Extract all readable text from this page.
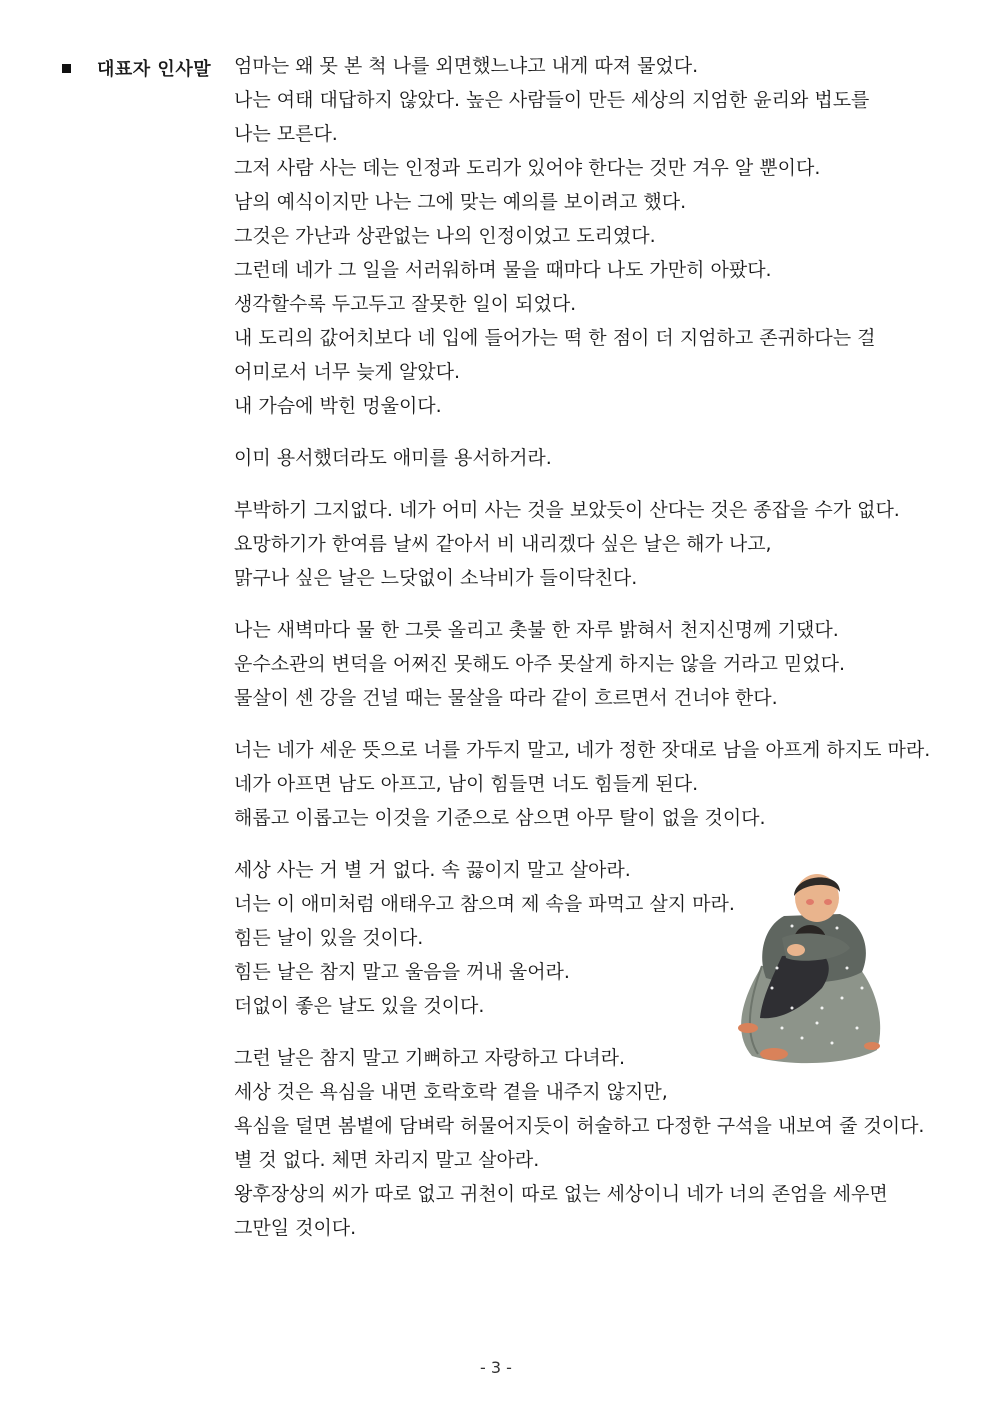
대표자 인사말 엄마는 왜 못 본 척 나를 외면했느냐고 내게 따져 물었다.
나는 여태 대답하지 않았다. 높은 사람들이 만든 세상의 지엄한 윤리와 법도를
나는 모른다.
그저 사람 사는 데는 인정과 도리가 있어야 한다는 것만 겨우 알 뿐이다.
남의 예식이지만 나는 그에 맞는 예의를 보이려고 했다.
그것은 가난과 상관없는 나의 인정이었고 도리였다.
그런데 네가 그 일을 서러워하며 물을 때마다 나도 가만히 아팠다.
생각할수록 두고두고 잘못한 일이 되었다.
내 도리의 값어치보다 네 입에 들어가는 떡 한 점이 더 지엄하고 존귀하다는 걸
어미로서 너무 늦게 알았다.
내 가슴에 박힌 멍울이다.
이미 용서했더라도 애미를 용서하거라.
부박하기 그지없다. 네가 어미 사는 것을 보았듯이 산다는 것은 종잡을 수가 없다.
요망하기가 한여름 날씨 같아서 비 내리겠다 싶은 날은 해가 나고,
맑구나 싶은 날은 느닷없이 소낙비가 들이닥친다.
나는 새벽마다 물 한 그릇 올리고 촛불 한 자루 밝혀서 천지신명께 기댔다.
운수소관의 변덕을 어쩌진 못해도 아주 못살게 하지는 않을 거라고 믿었다.
물살이 센 강을 건널 때는 물살을 따라 같이 흐르면서 건너야 한다.
너는 네가 세운 뜻으로 너를 가두지 말고, 네가 정한 잣대로 남을 아프게 하지도 마라.
네가 아프면 남도 아프고, 남이 힘들면 너도 힘들게 된다.
해롭고 이롭고는 이것을 기준으로 삼으면 아무 탈이 없을 것이다.
세상 사는 거 별 거 없다. 속 끓이지 말고 살아라.
너는 이 애미처럼 애태우고 참으며 제 속을 파먹고 살지 마라.
힘든 날이 있을 것이다.
힘든 날은 참지 말고 울음을 꺼내 울어라.
더없이 좋은 날도 있을 것이다.
그런 날은 참지 말고 기뻐하고 자랑하고 다녀라.
세상 것은 욕심을 내면 호락호락 곁을 내주지 않지만,
욕심을 덜면 봄볕에 담벼락 허물어지듯이 허술하고 다정한 구석을 내보여 줄 것이다.
별 것 없다. 체면 차리지 말고 살아라.
왕후장상의 씨가 따로 없고 귀천이 따로 없는 세상이니 네가 너의 존엄을 세우면
그만일 것이다.
- 3 -
